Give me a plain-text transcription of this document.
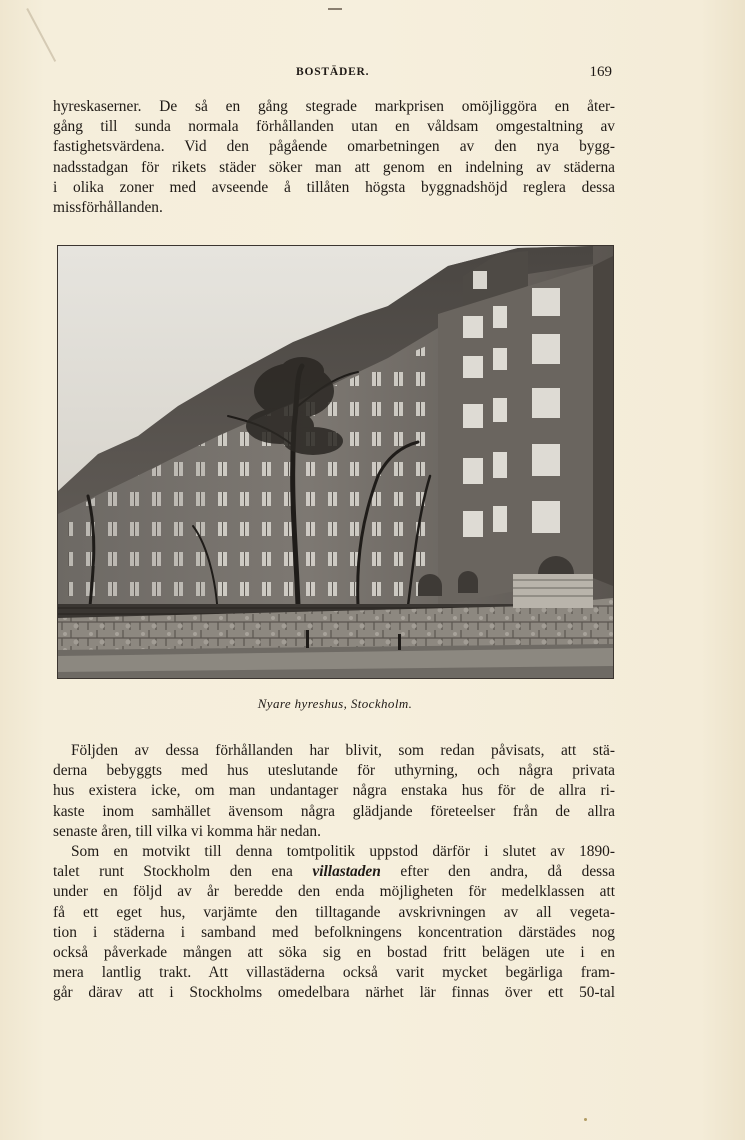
BOSTÄDER.	169

hyreskaserner. De så en gång stegrade markprisen omöjliggöra en åter-
gång till sunda normala förhållanden utan en våldsam omgestaltning av
fastighetsvärdena. Vid den pågående omarbetningen av den nya bygg-
nadsstadgan för rikets städer söker man att genom en indelning av städerna
i olika zoner med avseende å tillåten högsta byggnadshöjd reglera dessa
missförhållanden.

Nyare hyreshus, Stockholm.

Följden av dessa förhållanden har blivit, som redan påvisats, att stä-
derna bebyggts med hus uteslutande för uthyrning, och några privata
hus existera icke, om man undantager några enstaka hus för de allra ri-
kaste inom samhället ävensom några glädjande företeelser från de allra
senaste åren, till vilka vi komma här nedan.

Som en motvikt till denna tomtpolitik uppstod därför i slutet av 1890-
talet runt Stockholm den ena villastaden efter den andra, då dessa
under en följd av år beredde den enda möjligheten för medelklassen att
få ett eget hus, varjämte den tilltagande avskrivningen av all vegeta-
tion i städerna i samband med befolkningens koncentration därstädes nog
också påverkade mången att söka sig en bostad fritt belägen ute i en
mera lantlig trakt. Att villastäderna också varit mycket begärliga fram-
går därav att i Stockholms omedelbara närhet lär finnas över ett 50-tal
